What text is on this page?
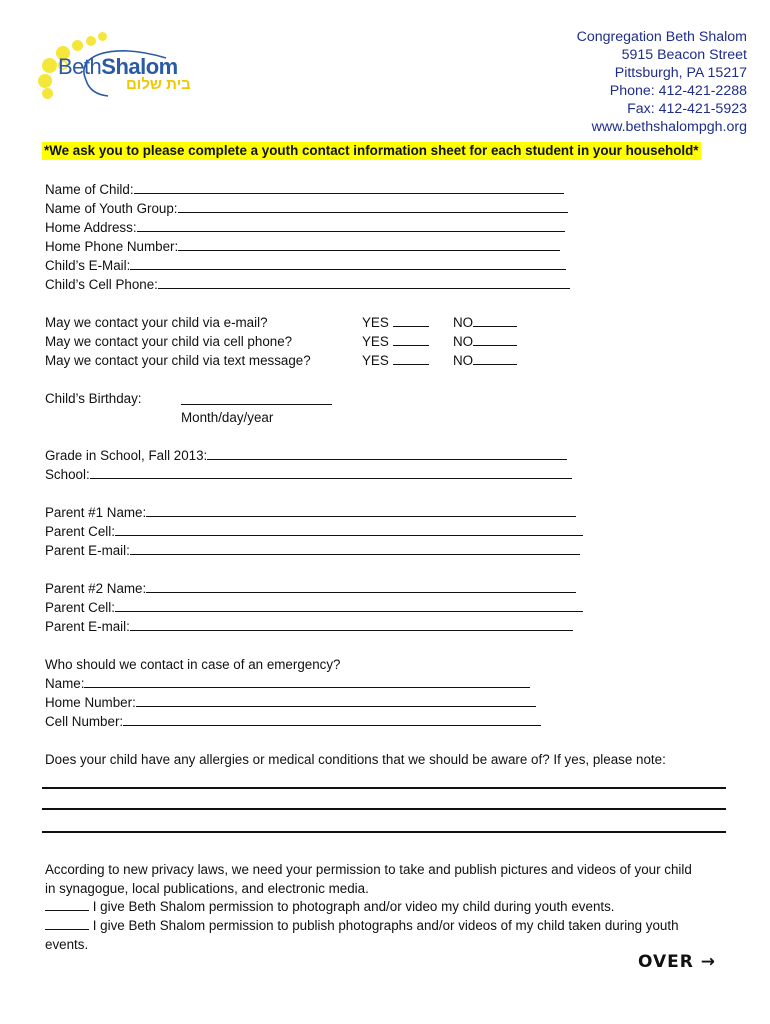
BethShalom
בית שלום
Congregation Beth Shalom
5915 Beacon Street
Pittsburgh, PA 15217
Phone: 412-421-2288
Fax: 412-421-5923
www.bethshalompgh.org
*We ask you to please complete a youth contact information sheet for each student in your household*
Name of Child:
Name of Youth Group:
Home Address:
Home Phone Number:
Child’s E-Mail:
Child’s Cell Phone:
May we contact your child via e-mail?	YES	NO
May we contact your child via cell phone?	YES	NO
May we contact your child via text message?	YES	NO
Child’s Birthday:
Month/day/year
Grade in School, Fall 2013:
School:
Parent #1 Name:
Parent Cell:
Parent E-mail:
Parent #2 Name:
Parent Cell:
Parent E-mail:
Who should we contact in case of an emergency?
Name:
Home Number:
Cell Number:
Does your child have any allergies or medical conditions that we should be aware of? If yes, please note:
According to new privacy laws, we need your permission to take and publish pictures and videos of your child
in synagogue, local publications, and electronic media.
I give Beth Shalom permission to photograph and/or video my child during youth events.
I give Beth Shalom permission to publish photographs and/or videos of my child taken during youth
events.
OVER →
